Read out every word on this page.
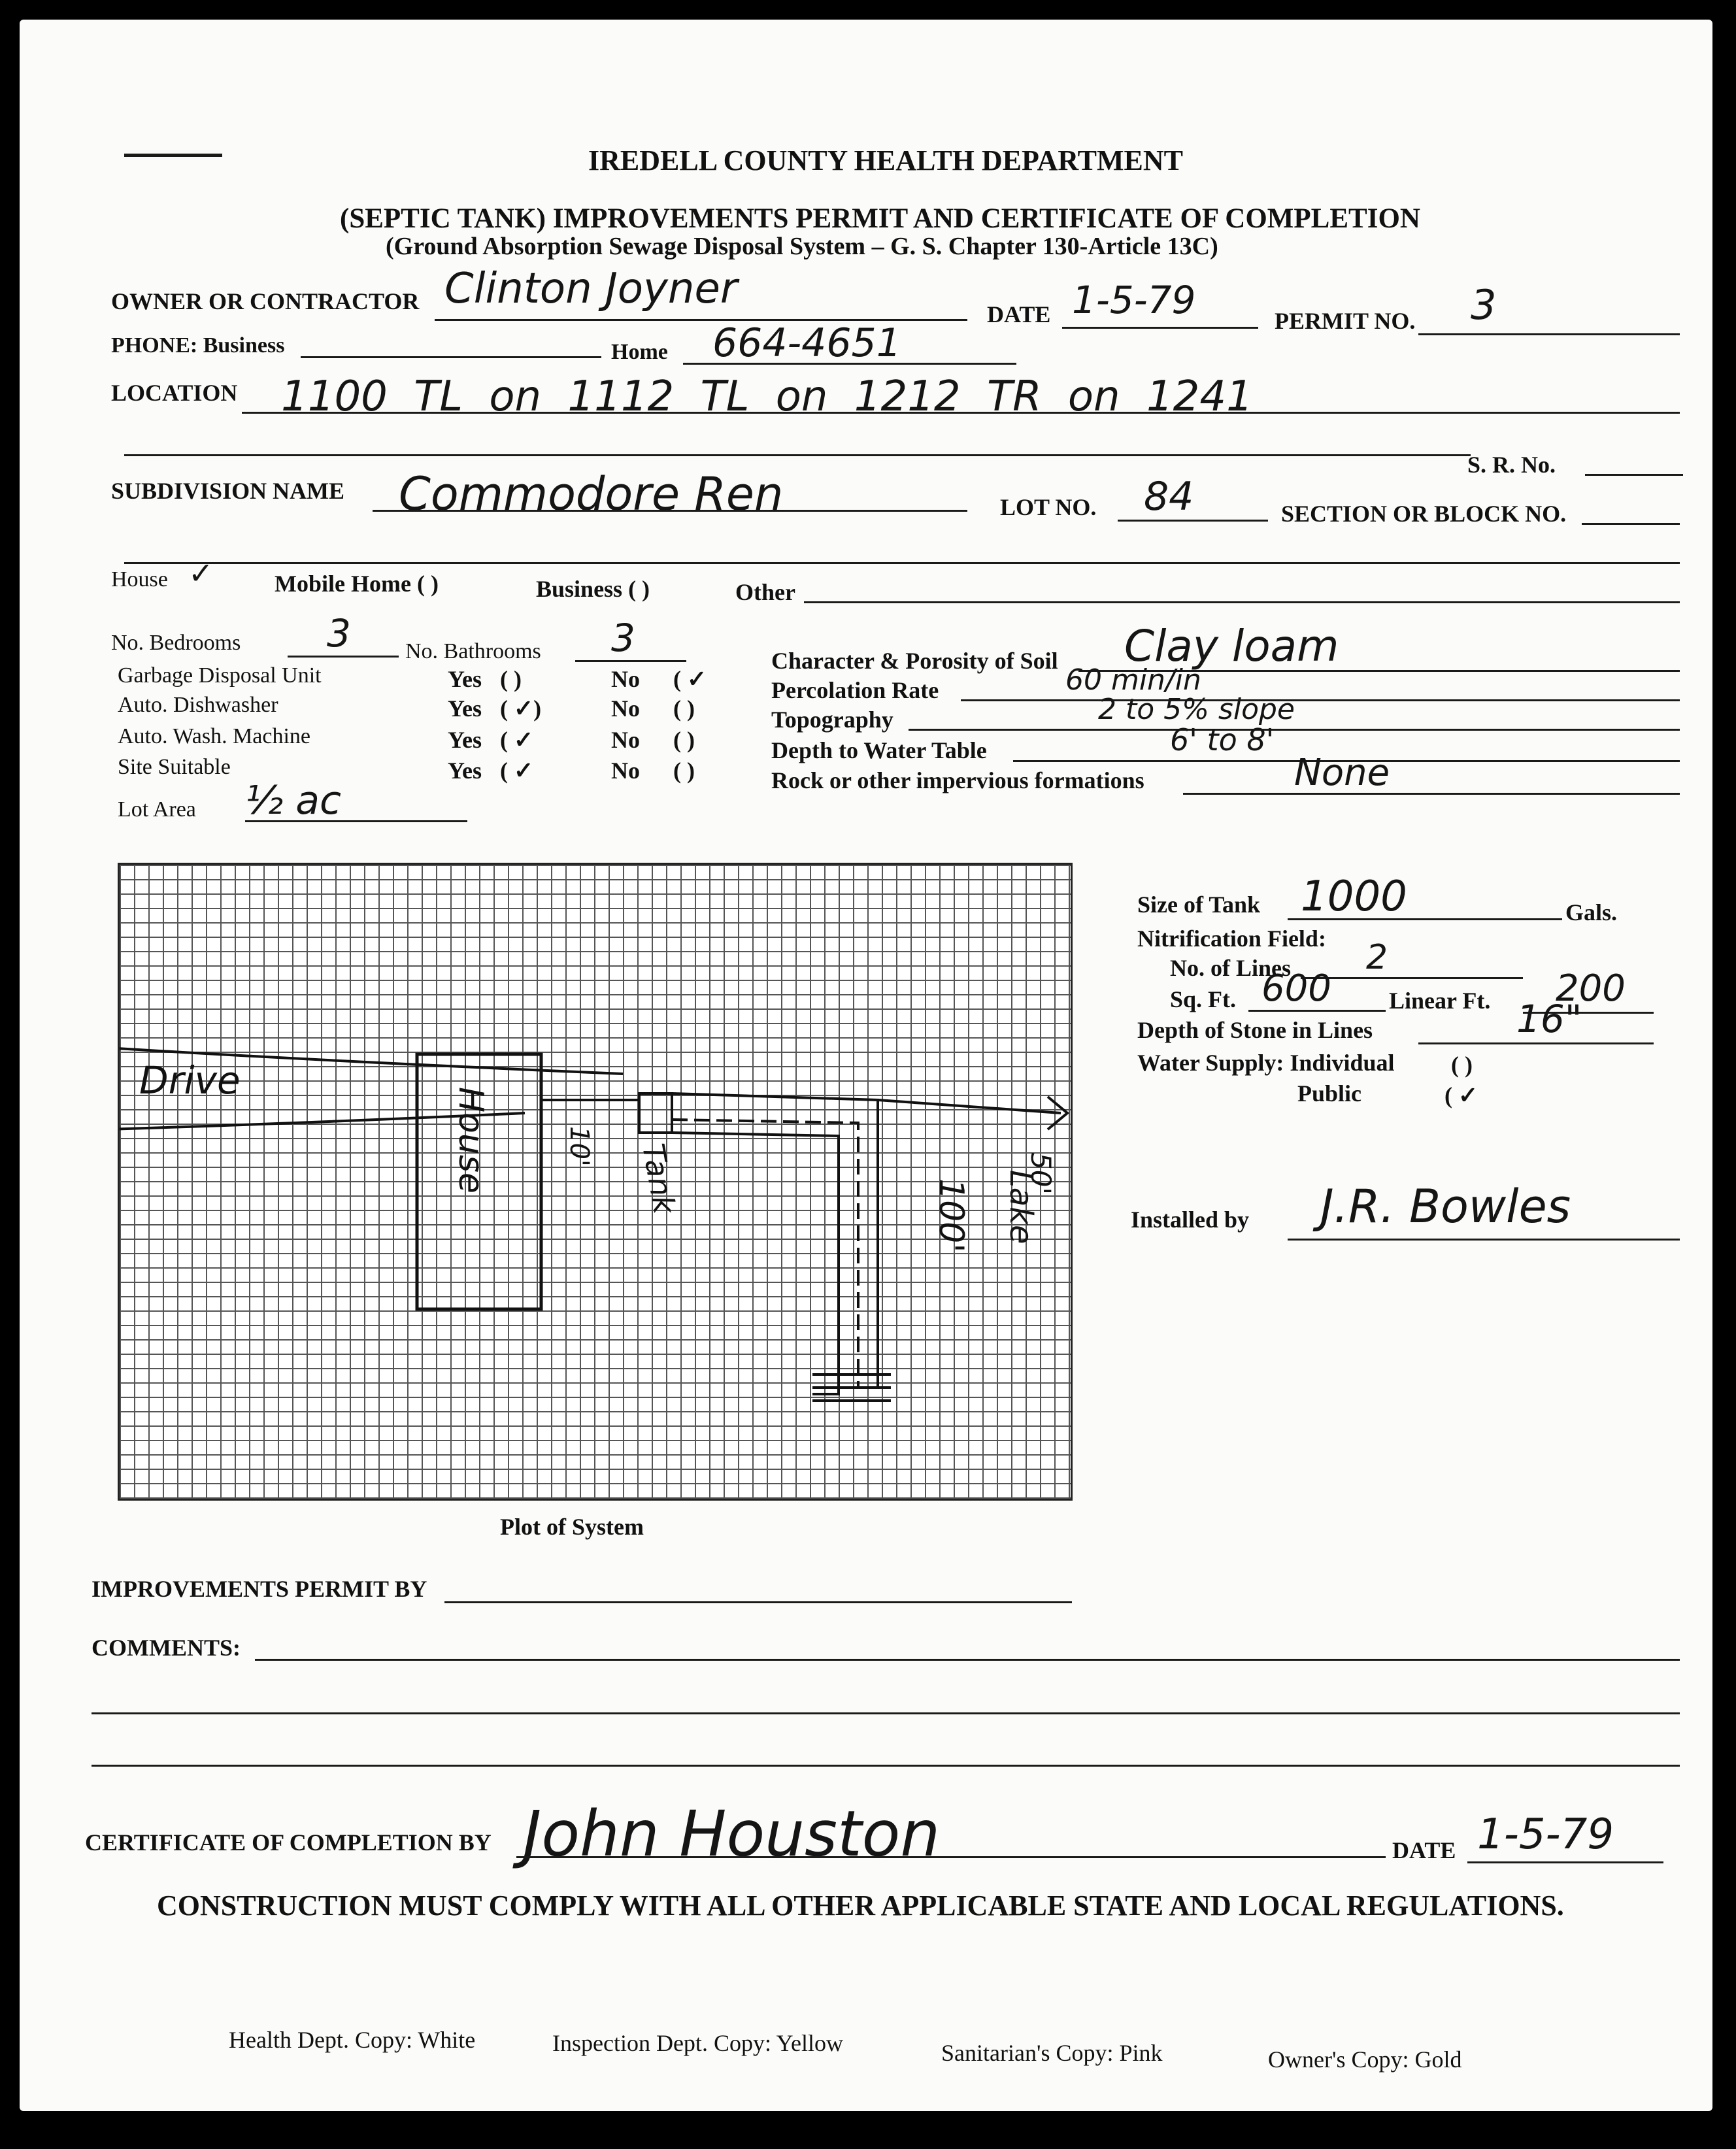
IREDELL COUNTY HEALTH DEPARTMENT
(SEPTIC TANK) IMPROVEMENTS PERMIT AND CERTIFICATE OF COMPLETION
(Ground Absorption Sewage Disposal System – G. S. Chapter 130-Article 13C)
OWNER OR CONTRACTOR Clinton Joyner
DATE 1-5-79	PERMIT NO. 3
PHONE: Business	Home 664-4651
LOCATION 1100 TL on 1112 TL on 1212 TR on 1241
S. R. No.
SUBDIVISION NAME Commodore Ren	LOT NO. 84	SECTION OR BLOCK NO.
House ✓	Mobile Home ( )	Business ( )	Other
No. Bedrooms 3 No. Bathrooms 3
Garbage Disposal Unit	Yes ( )	No ( ✓
Auto. Dishwasher	Yes ( ✓)	No ( )
Auto. Wash. Machine	Yes ( ✓	No ( )
Site Suitable	Yes ( ✓	No ( )
Lot Area ½ ac
Character & Porosity of Soil Clay loam
Percolation Rate	60 min/in
Topography	2 to 5% slope
Depth to Water Table	6' to 8'
Rock or other impervious formations	None
Drive
House	10' Tank	100'
50'
Lake
Plot of System
Size of Tank 1000	Gals.
Nitrification Field:
No. of Lines 2
Sq. Ft. 600 Linear Ft. 200
Depth of Stone in Lines	16"
Water Supply: Individual ( )
Public	( ✓
Installed by J.R. Bowles
IMPROVEMENTS PERMIT BY
COMMENTS:
CERTIFICATE OF COMPLETION BY John Houston	DATE 1-5-79
CONSTRUCTION MUST COMPLY WITH ALL OTHER APPLICABLE STATE AND LOCAL REGULATIONS.
Health Dept. Copy: White	Inspection Dept. Copy: Yellow	Sanitarian's Copy: Pink	Owner's Copy: Gold
